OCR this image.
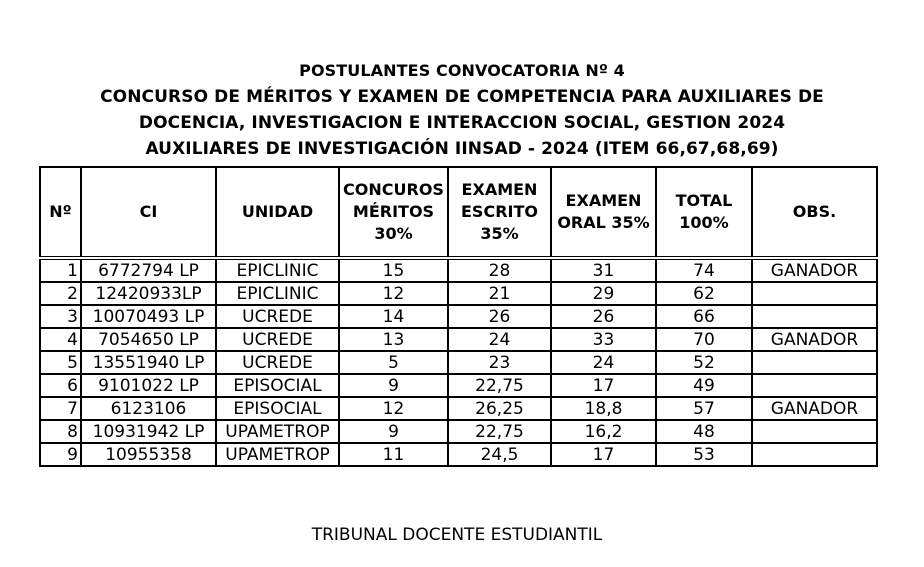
POSTULANTES CONVOCATORIA Nº 4
CONCURSO DE MÉRITOS Y EXAMEN DE COMPETENCIA PARA AUXILIARES DE
DOCENCIA, INVESTIGACION E INTERACCION SOCIAL, GESTION 2024
AUXILIARES DE INVESTIGACIÓN IINSAD - 2024 (ITEM 66,67,68,69)
Nº	CI	UNIDAD	CONCUROS MÉRITOS 30%	EXAMEN ESCRITO 35%	EXAMEN ORAL 35%	TOTAL 100%	OBS.
1	6772794 LP	EPICLINIC	15	28	31	74	GANADOR
2	12420933LP	EPICLINIC	12	21	29	62	
3	10070493 LP	UCREDE	14	26	26	66	
4	7054650 LP	UCREDE	13	24	33	70	GANADOR
5	13551940 LP	UCREDE	5	23	24	52	
6	9101022 LP	EPISOCIAL	9	22,75	17	49	
7	6123106	EPISOCIAL	12	26,25	18,8	57	GANADOR
8	10931942 LP	UPAMETROP	9	22,75	16,2	48	
9	10955358	UPAMETROP	11	24,5	17	53	
TRIBUNAL DOCENTE ESTUDIANTIL
